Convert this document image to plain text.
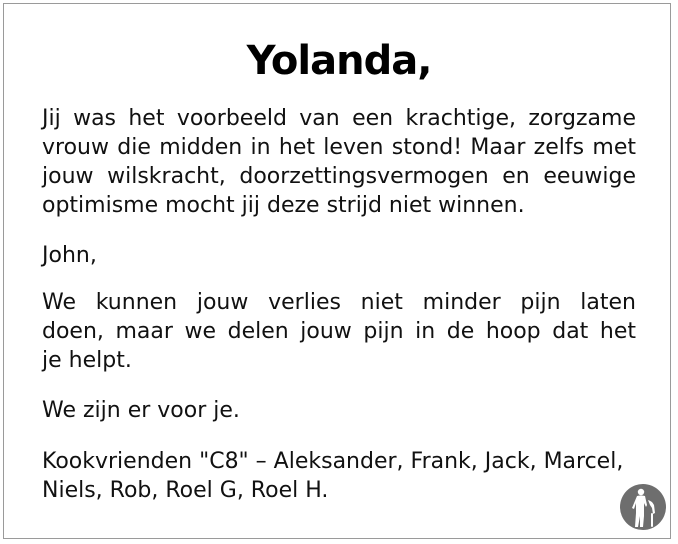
Yolanda,
Jij was het voorbeeld van een krachtige, zorgzame
vrouw die midden in het leven stond! Maar zelfs met
jouw wilskracht, doorzettingsvermogen en eeuwige
optimisme mocht jij deze strijd niet winnen.
John,
We kunnen jouw verlies niet minder pijn laten
doen, maar we delen jouw pijn in de hoop dat het
je helpt.
We zijn er voor je.
Kookvrienden "C8" – Aleksander, Frank, Jack, Marcel,
Niels, Rob, Roel G, Roel H.
